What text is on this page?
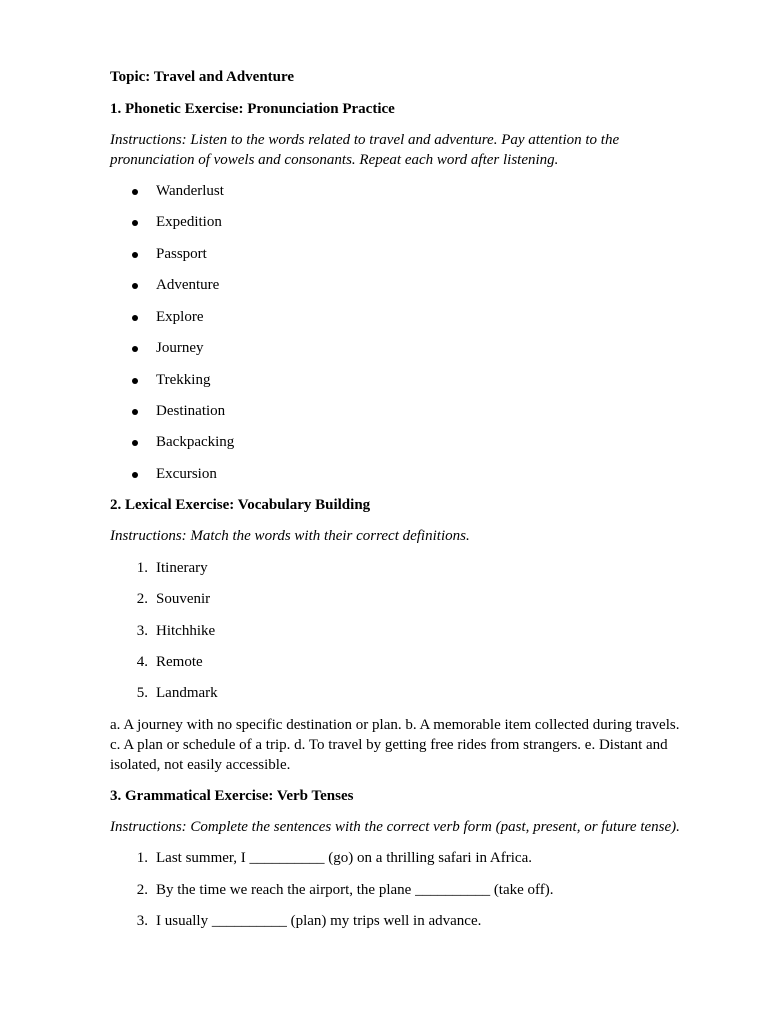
Topic: Travel and Adventure
1. Phonetic Exercise: Pronunciation Practice
Instructions: Listen to the words related to travel and adventure. Pay attention to the
pronunciation of vowels and consonants. Repeat each word after listening.
Wanderlust
Expedition
Passport
Adventure
Explore
Journey
Trekking
Destination
Backpacking
Excursion
2. Lexical Exercise: Vocabulary Building
Instructions: Match the words with their correct definitions.
1. Itinerary
2. Souvenir
3. Hitchhike
4. Remote
5. Landmark
a. A journey with no specific destination or plan. b. A memorable item collected during travels.
c. A plan or schedule of a trip. d. To travel by getting free rides from strangers. e. Distant and
isolated, not easily accessible.
3. Grammatical Exercise: Verb Tenses
Instructions: Complete the sentences with the correct verb form (past, present, or future tense).
1. Last summer, I __________ (go) on a thrilling safari in Africa.
2. By the time we reach the airport, the plane __________ (take off).
3. I usually __________ (plan) my trips well in advance.
